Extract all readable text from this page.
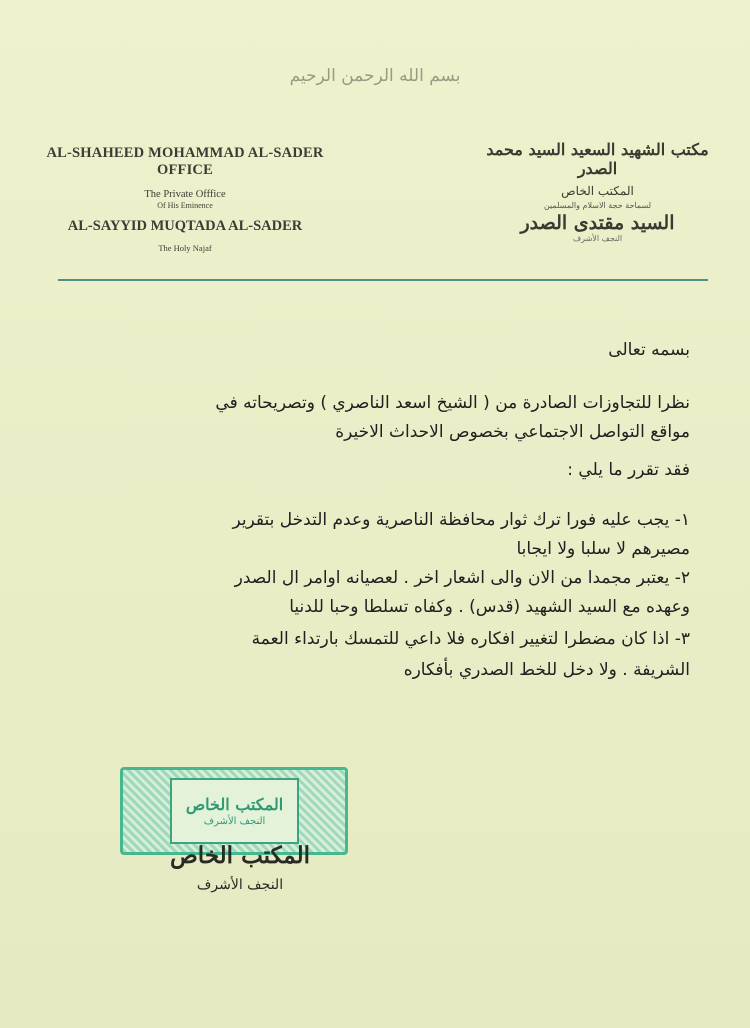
بسم الله الرحمن الرحيم
AL-SHAHEED MOHAMMAD AL-SADER OFFICE
The Private Offfice
Of His Eminence
AL-SAYYID MUQTADA AL-SADER
The Holy Najaf
مكتب الشهيد السعيد السيد محمد الصدر
المكتب الخاص
لسماحة حجة الاسلام والمسلمين
السيد مقتدى الصدر
النجف الأشرف
بسمه تعالى
نظرا للتجاوزات الصادرة من ( الشيخ اسعد الناصري ) وتصريحاته في
مواقع التواصل الاجتماعي بخصوص الاحداث الاخيرة
فقد تقرر ما يلي :
١- يجب عليه فورا ترك ثوار محافظة الناصرية وعدم التدخل بتقرير
مصيرهم لا سلبا ولا ايجابا
٢- يعتبر مجمدا من الان والى اشعار اخر . لعصيانه اوامر ال الصدر
وعهده مع السيد الشهيد (قدس) . وكفاه تسلطا وحبا للدنيا
٣- اذا كان مضطرا لتغيير افكاره فلا داعي للتمسك بارتداء العمة
الشريفة . ولا دخل للخط الصدري بأفكاره
المكتب الخاص
النجف الأشرف
المكتب الخاص
النجف الأشرف
